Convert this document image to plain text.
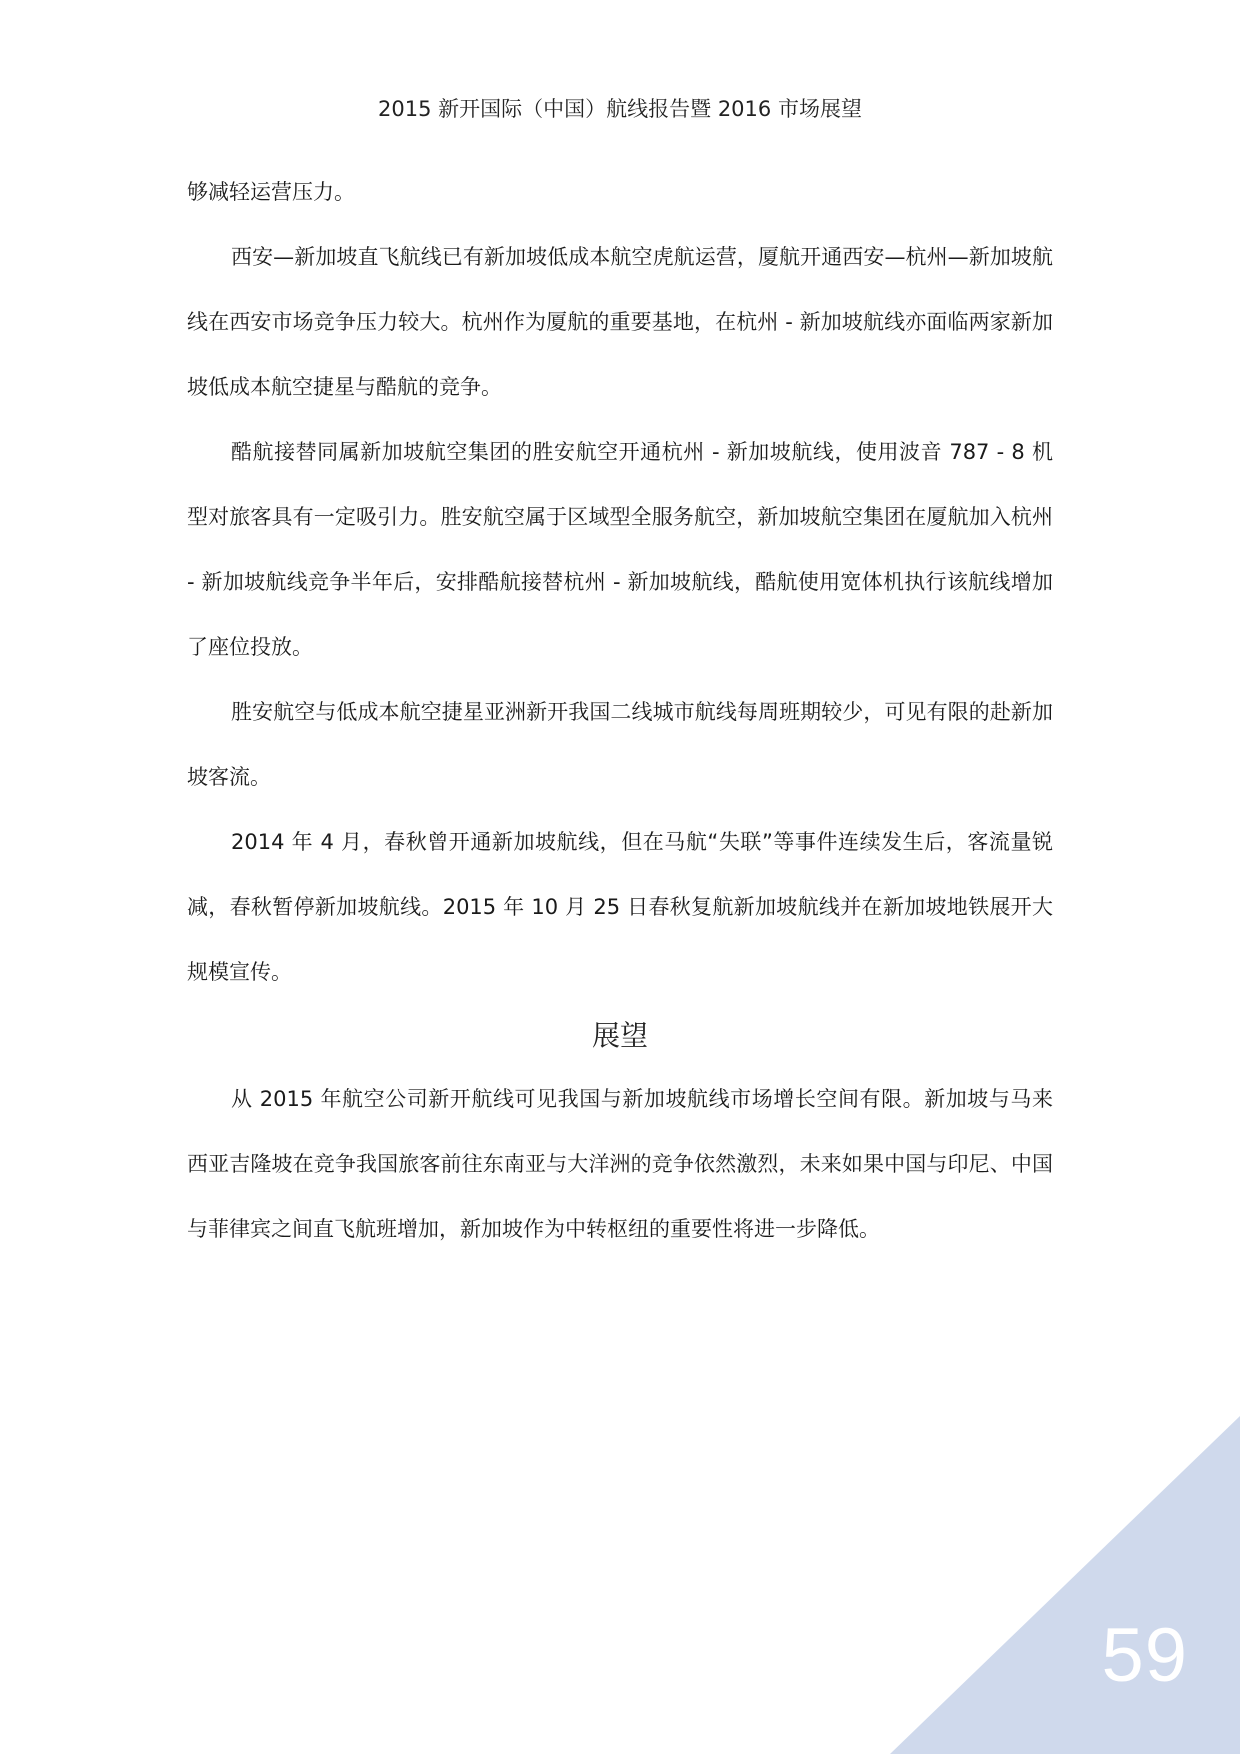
2015 新开国际（中国）航线报告暨 2016 市场展望

够减轻运营压力。

西安—新加坡直飞航线已有新加坡低成本航空虎航运营，厦航开通西安—杭州—新加坡航线在西安市场竞争压力较大。杭州作为厦航的重要基地，在杭州 - 新加坡航线亦面临两家新加坡低成本航空捷星与酷航的竞争。

酷航接替同属新加坡航空集团的胜安航空开通杭州 - 新加坡航线，使用波音 787 - 8 机型对旅客具有一定吸引力。胜安航空属于区域型全服务航空，新加坡航空集团在厦航加入杭州 - 新加坡航线竞争半年后，安排酷航接替杭州 - 新加坡航线，酷航使用宽体机执行该航线增加了座位投放。

胜安航空与低成本航空捷星亚洲新开我国二线城市航线每周班期较少，可见有限的赴新加坡客流。

2014 年 4 月，春秋曾开通新加坡航线，但在马航“失联”等事件连续发生后，客流量锐减，春秋暂停新加坡航线。2015 年 10 月 25 日春秋复航新加坡航线并在新加坡地铁展开大规模宣传。

展望

从 2015 年航空公司新开航线可见我国与新加坡航线市场增长空间有限。新加坡与马来西亚吉隆坡在竞争我国旅客前往东南亚与大洋洲的竞争依然激烈，未来如果中国与印尼、中国与菲律宾之间直飞航班增加，新加坡作为中转枢纽的重要性将进一步降低。

59
